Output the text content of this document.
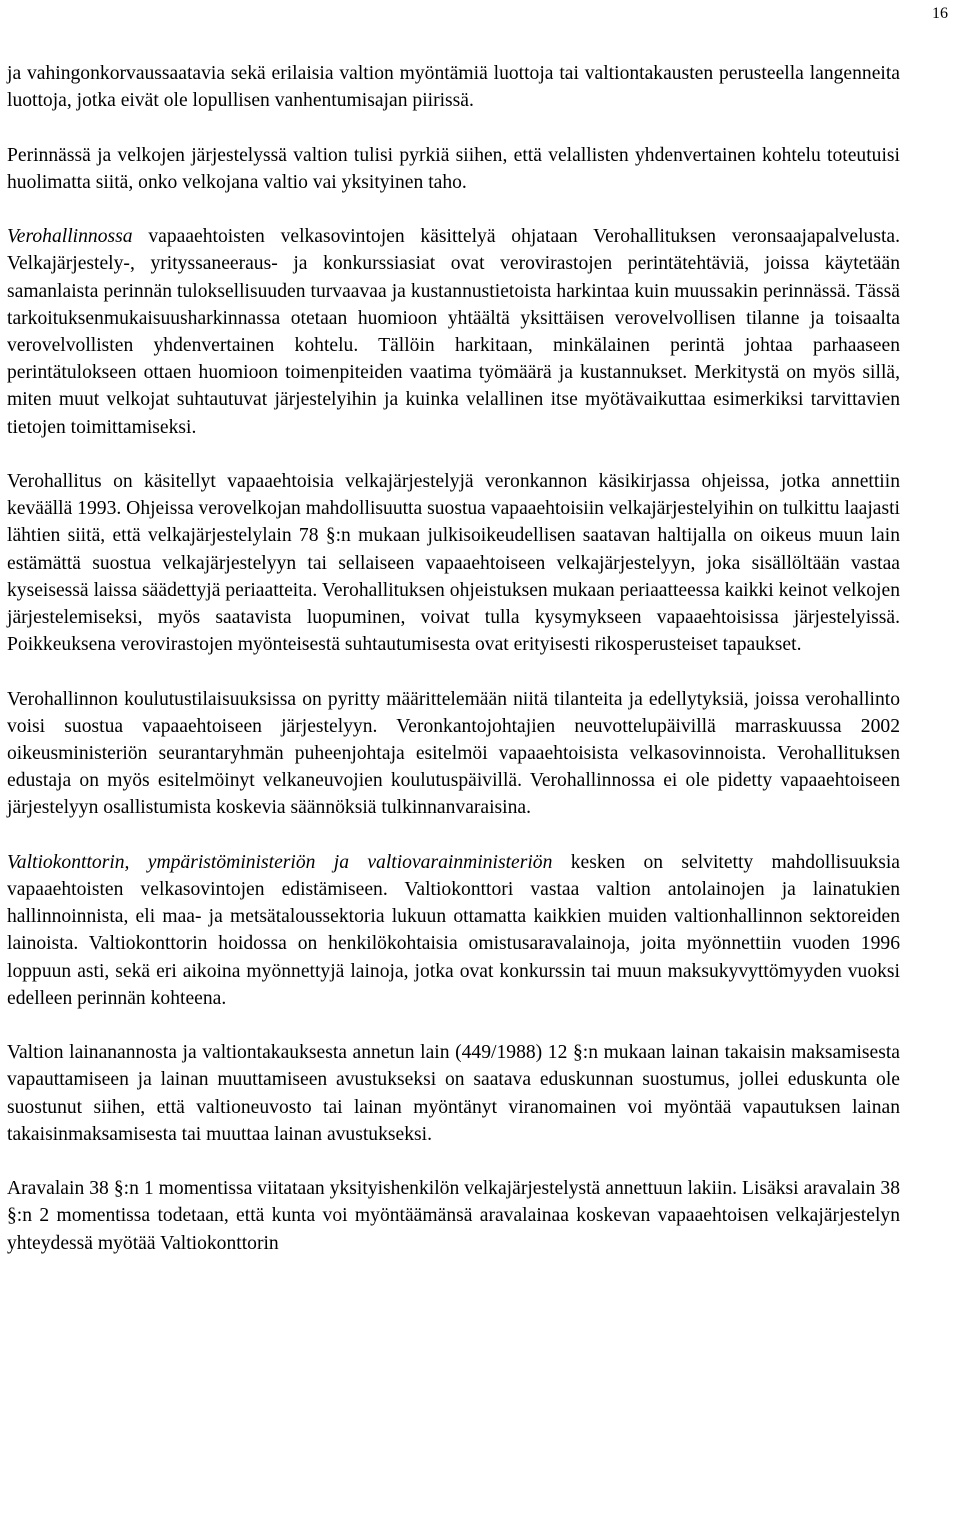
16

ja vahingonkorvaussaatavia sekä erilaisia valtion myöntämiä luottoja tai valtiontakausten perusteella langenneita luottoja, jotka eivät ole lopullisen vanhentumisajan piirissä.

Perinnässä ja velkojen järjestelyssä valtion tulisi pyrkiä siihen, että velallisten yhdenvertainen kohtelu toteutuisi huolimatta siitä, onko velkojana valtio vai yksityinen taho.

Verohallinnossa vapaaehtoisten velkasovintojen käsittelyä ohjataan Verohallituksen veronsaajapalvelusta. Velkajärjestely-, yrityssaneeraus- ja konkurssiasiat ovat verovirastojen perintätehtäviä, joissa käytetään samanlaista perinnän tuloksellisuuden turvaavaa ja kustannustietoista harkintaa kuin muussakin perinnässä. Tässä tarkoituksenmukaisuusharkinnassa otetaan huomioon yhtäältä yksittäisen verovelvollisen tilanne ja toisaalta verovelvollisten yhdenvertainen kohtelu. Tällöin harkitaan, minkälainen perintä johtaa parhaaseen perintätulokseen ottaen huomioon toimenpiteiden vaatima työmäärä ja kustannukset. Merkitystä on myös sillä, miten muut velkojat suhtautuvat järjestelyihin ja kuinka velallinen itse myötävaikuttaa esimerkiksi tarvittavien tietojen toimittamiseksi.

Verohallitus on käsitellyt vapaaehtoisia velkajärjestelyjä veronkannon käsikirjassa ohjeissa, jotka annettiin keväällä 1993. Ohjeissa verovelkojan mahdollisuutta suostua vapaaehtoisiin velkajärjestelyihin on tulkittu laajasti lähtien siitä, että velkajärjestelylain 78 §:n mukaan julkisoikeudellisen saatavan haltijalla on oikeus muun lain estämättä suostua velkajärjestelyyn tai sellaiseen vapaaehtoiseen velkajärjestelyyn, joka sisällöltään vastaa kyseisessä laissa säädettyjä periaatteita. Verohallituksen ohjeistuksen mukaan periaatteessa kaikki keinot velkojen järjestelemiseksi, myös saatavista luopuminen, voivat tulla kysymykseen vapaaehtoisissa järjestelyissä. Poikkeuksena verovirastojen myönteisestä suhtautumisesta ovat erityisesti rikosperusteiset tapaukset.

Verohallinnon koulutustilaisuuksissa on pyritty määrittelemään niitä tilanteita ja edellytyksiä, joissa verohallinto voisi suostua vapaaehtoiseen järjestelyyn. Veronkantojohtajien neuvottelupäivillä marraskuussa 2002 oikeusministeriön seurantaryhmän puheenjohtaja esitelmöi vapaaehtoisista velkasovinnoista. Verohallituksen edustaja on myös esitelmöinyt velkaneuvojien koulutuspäivillä. Verohallinnossa ei ole pidetty vapaaehtoiseen järjestelyyn osallistumista koskevia säännöksiä tulkinnanvaraisina.

Valtiokonttorin, ympäristöministeriön ja valtiovarainministeriön kesken on selvitetty mahdollisuuksia vapaaehtoisten velkasovintojen edistämiseen. Valtiokonttori vastaa valtion antolainojen ja lainatukien hallinnoinnista, eli maa- ja metsätaloussektoria lukuun ottamatta kaikkien muiden valtionhallinnon sektoreiden lainoista. Valtiokonttorin hoidossa on henkilökohtaisia omistusaravalainoja, joita myönnettiin vuoden 1996 loppuun asti, sekä eri aikoina myönnettyjä lainoja, jotka ovat konkurssin tai muun maksukyvyttömyyden vuoksi edelleen perinnän kohteena.

Valtion lainanannosta ja valtiontakauksesta annetun lain (449/1988) 12 §:n mukaan lainan takaisin maksamisesta vapauttamiseen ja lainan muuttamiseen avustukseksi on saatava eduskunnan suostumus, jollei eduskunta ole suostunut siihen, että valtioneuvosto tai lainan myöntänyt viranomainen voi myöntää vapautuksen lainan takaisinmaksamisesta tai muuttaa lainan avustukseksi.

Aravalain 38 §:n 1 momentissa viitataan yksityishenkilön velkajärjestelystä annettuun lakiin. Lisäksi aravalain 38 §:n 2 momentissa todetaan, että kunta voi myöntäämänsä aravalainaa koskevan vapaaehtoisen velkajärjestelyn yhteydessä myötää Valtiokonttorin
